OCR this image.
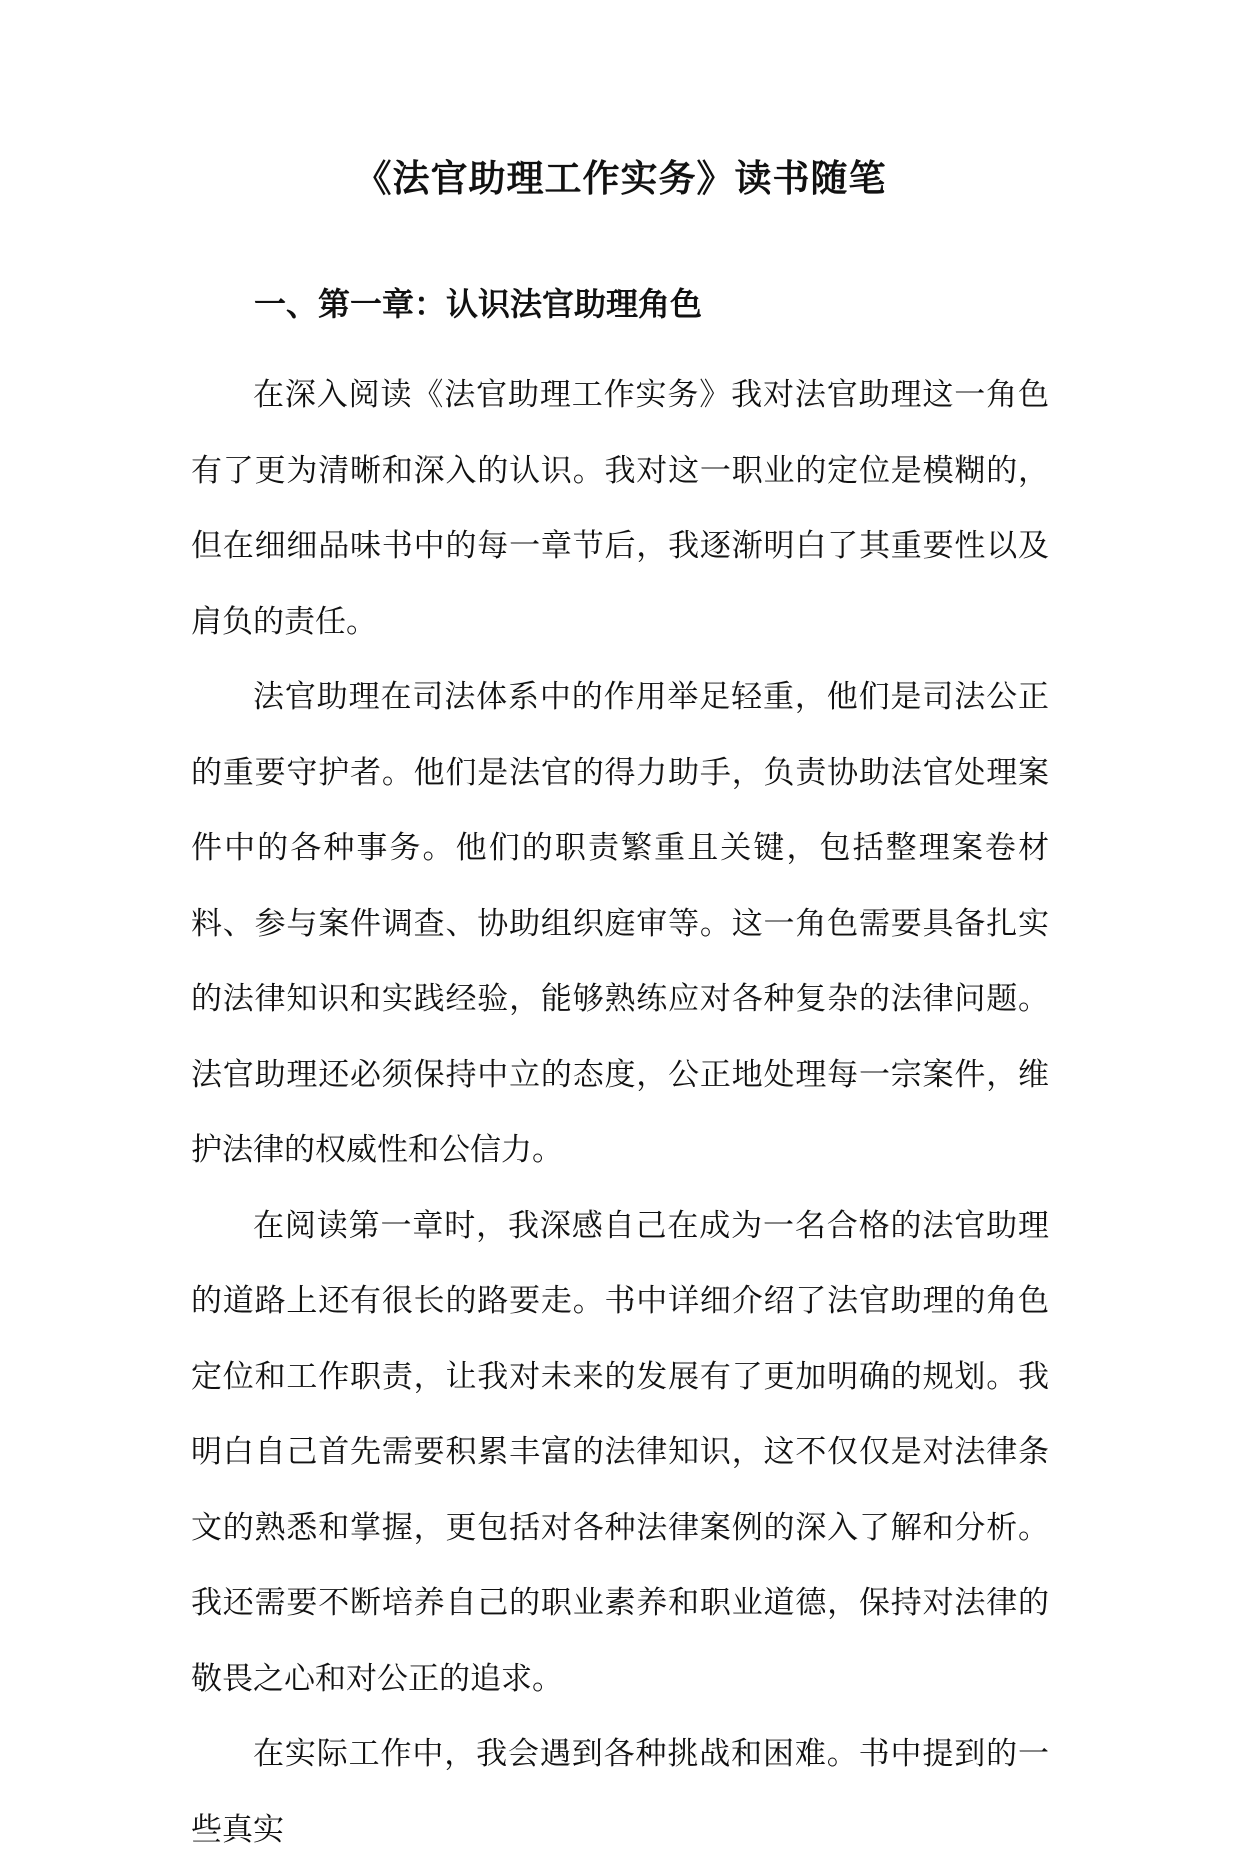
《法官助理工作实务》读书随笔
一、第一章：认识法官助理角色

在深入阅读《法官助理工作实务》我对法官助理这一角色有了更为清晰和深入的认识。我对这一职业的定位是模糊的，但在细细品味书中的每一章节后，我逐渐明白了其重要性以及肩负的责任。

法官助理在司法体系中的作用举足轻重，他们是司法公正的重要守护者。他们是法官的得力助手，负责协助法官处理案件中的各种事务。他们的职责繁重且关键，包括整理案卷材料、参与案件调查、协助组织庭审等。这一角色需要具备扎实的法律知识和实践经验，能够熟练应对各种复杂的法律问题。法官助理还必须保持中立的态度，公正地处理每一宗案件，维护法律的权威性和公信力。

在阅读第一章时，我深感自己在成为一名合格的法官助理的道路上还有很长的路要走。书中详细介绍了法官助理的角色定位和工作职责，让我对未来的发展有了更加明确的规划。我明白自己首先需要积累丰富的法律知识，这不仅仅是对法律条文的熟悉和掌握，更包括对各种法律案例的深入了解和分析。我还需要不断培养自己的职业素养和职业道德，保持对法律的敬畏之心和对公正的追求。

在实际工作中，我会遇到各种挑战和困难。书中提到的一些真实
